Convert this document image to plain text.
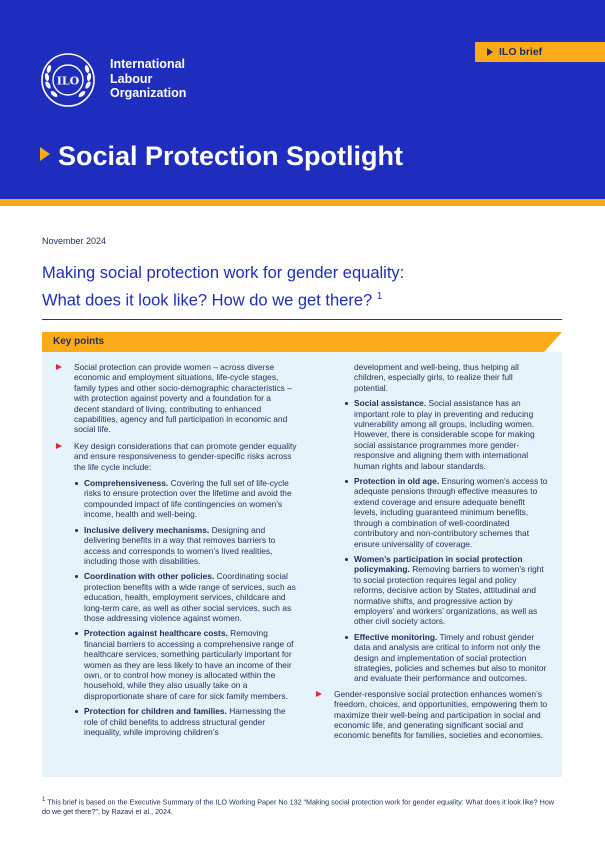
ILO
International
Labour
Organization
ILO brief
Social Protection Spotlight
November 2024
Making social protection work for gender equality:
What does it look like? How do we get there? $^1$
Key points
Social protection can provide women – across diverse economic and employment situations, life-cycle stages, family types and other socio-demographic characteristics – with protection against poverty and a foundation for a decent standard of living, contributing to enhanced capabilities, agency and full participation in economic and social life.
Key design considerations that can promote gender equality and ensure responsiveness to gender-specific risks across the life cycle include:
Comprehensiveness. Covering the full set of life-cycle risks to ensure protection over the lifetime and avoid the compounded impact of life contingencies on women’s income, health and well-being.
Inclusive delivery mechanisms. Designing and delivering benefits in a way that removes barriers to access and corresponds to women’s lived realities, including those with disabilities.
Coordination with other policies. Coordinating social protection benefits with a wide range of services, such as education, health, employment services, childcare and long-term care, as well as other social services, such as those addressing violence against women.
Protection against healthcare costs. Removing financial barriers to accessing a comprehensive range of healthcare services, something particularly important for women as they are less likely to have an income of their own, or to control how money is allocated within the household, while they also usually take on a disproportionate share of care for sick family members.
Protection for children and families. Harnessing the role of child benefits to address structural gender inequality, while improving children’s
development and well-being, thus helping all children, especially girls, to realize their full potential.
Social assistance. Social assistance has an important role to play in preventing and reducing vulnerability among all groups, including women. However, there is considerable scope for making social assistance programmes more gender-responsive and aligning them with international human rights and labour standards.
Protection in old age. Ensuring women’s access to adequate pensions through effective measures to extend coverage and ensure adequate benefit levels, including guaranteed minimum benefits, through a combination of well-coordinated contributory and non-contributory schemes that ensure universality of coverage.
Women’s participation in social protection policymaking. Removing barriers to women’s right to social protection requires legal and policy reforms, decisive action by States, attitudinal and normative shifts, and progressive action by employers’ and workers’ organizations, as well as other civil society actors.
Effective monitoring. Timely and robust gender data and analysis are critical to inform not only the design and implementation of social protection strategies, policies and schemes but also to monitor and evaluate their performance and outcomes.
Gender-responsive social protection enhances women’s freedom, choices, and opportunities, empowering them to maximize their well-being and participation in social and economic life, and generating significant social and economic benefits for families, societies and economies.
$^1$ This brief is based on the Executive Summary of the ILO Working Paper No 132 “Making social protection work for gender equality: What does it look like? How do we get there?”, by Razavi et al., 2024.
